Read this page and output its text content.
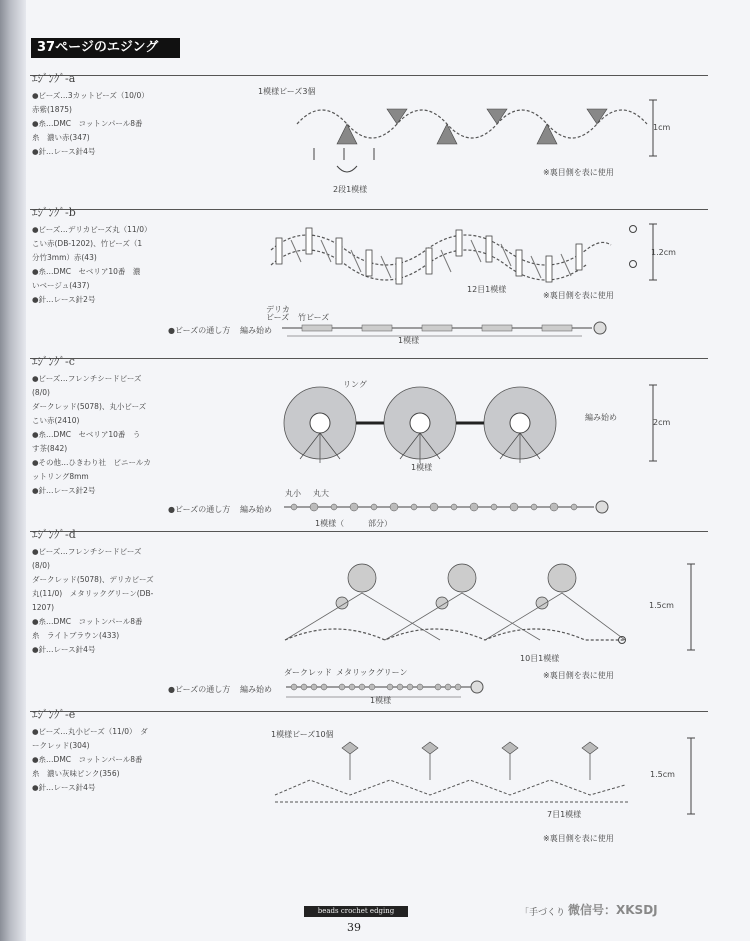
37ページのエジング
ｴｼﾞﾝｸﾞ-a
●ビーズ…3カットビーズ（10/0）
赤紫(1875)
●糸…DMC　コットンパール8番
糸　濃い赤(347)
●針…レース針4号
1模様ビーズ3個
2段1模様
1cm
※裏目側を表に使用
ｴｼﾞﾝｸﾞ-b
●ビーズ…デリカビーズ丸（11/0）
こい赤(DB-1202)、竹ビーズ（1
分竹3mm）赤(43)
●糸…DMC　セベリア10番　濃
いベージュ(437)
●針…レース針2号
1.2cm
12目1模様
※裏目側を表に使用
デリカ
ビーズ 竹ビーズ
●ビーズの通し方 編み始め
1模様
ｴｼﾞﾝｸﾞ-c
●ビーズ…フレンチシードビーズ(8/0)
ダークレッド(5078)、丸小ビーズ
こい赤(2410)
●糸…DMC　セベリア10番　う
す茶(842)
●その他…ひきわり社　ビニールカ
ットリング8mm
●針…レース針2号
リング
編み始め
2cm
1模様
丸小 丸大
●ビーズの通し方 編み始め
1模様（	部分）
ｴｼﾞﾝｸﾞ-d
●ビーズ…フレンチシードビーズ(8/0)
ダークレッド(5078)、デリカビーズ
丸(11/0)　メタリックグリーン(DB-
1207)
●糸…DMC　コットンパール8番
糸　ライトブラウン(433)
●針…レース針4号
1.5cm
10目1模様
※裏目側を表に使用
ダークレッド メタリックグリーン
●ビーズの通し方 編み始め
1模様
ｴｼﾞﾝｸﾞ-e
●ビーズ…丸小ビーズ（11/0）　ダ
ークレッド(304)
●糸…DMC　コットンパール8番
糸　濃い灰味ピンク(356)
●針…レース針4号
1模様ビーズ10個
1.5cm
7目1模様
※裏目側を表に使用
beads crochet edging
39
「手づくり 微信号：XKSDJ
